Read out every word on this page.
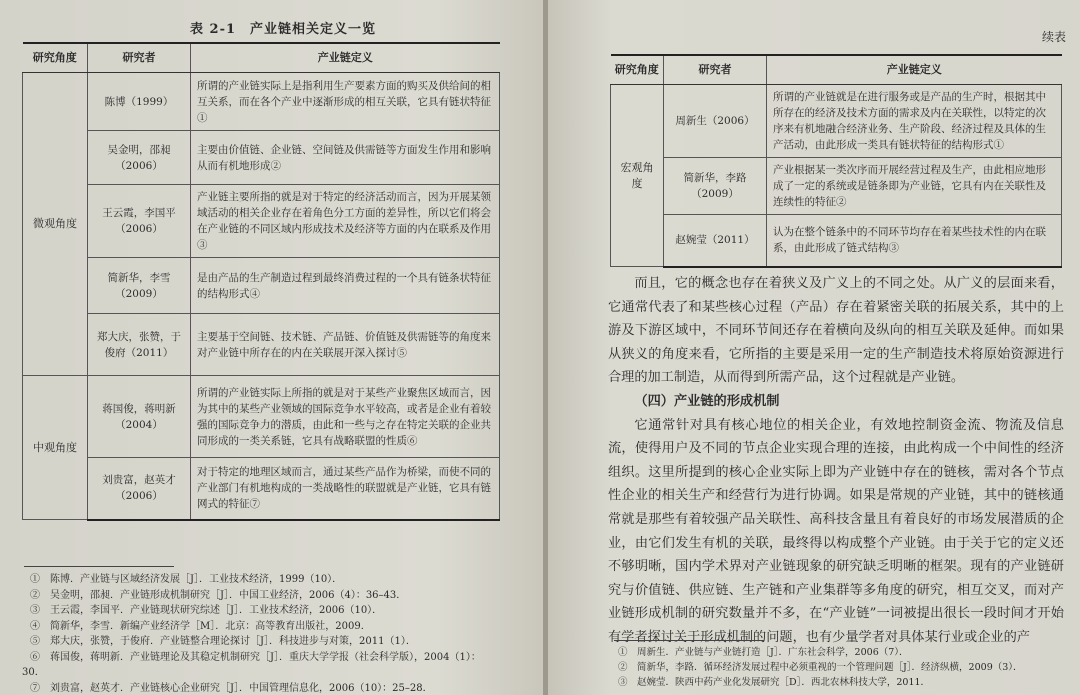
表 2-1　产业链相关定义一览
研究角度	研究者	产业链定义
微观角度	陈博（1999）	所谓的产业链实际上是指利用生产要素方面的购买及供给间的相互关系，而在各个产业中逐渐形成的相互关联，它具有链状特征①
	吴金明，邵昶（2006）	主要由价值链、企业链、空间链及供需链等方面发生作用和影响从而有机地形成②
	王云霞，李国平（2006）	产业链主要所指的就是对于特定的经济活动而言，因为开展某领域活动的相关企业存在着角色分工方面的差异性，所以它们将会在产业链的不同区域内形成技术及经济等方面的内在联系及作用③
	简新华，李雪（2009）	是由产品的生产制造过程到最终消费过程的一个具有链条状特征的结构形式④
	郑大庆，张赞，于俊府（2011）	主要基于空间链、技术链、产品链、价值链及供需链等的角度来对产业链中所存在的内在关联展开深入探讨⑤
中观角度	蒋国俊，蒋明新（2004）	所谓的产业链实际上所指的就是对于某些产业聚焦区域而言，因为其中的某些产业领域的国际竞争水平较高，或者是企业有着较强的国际竞争力的潜质，由此和一些与之存在特定关联的企业共同形成的一类关系链，它具有战略联盟的性质⑥
	刘贵富，赵英才（2006）	对于特定的地理区域而言，通过某些产品作为桥梁，而使不同的产业部门有机地构成的一类战略性的联盟就是产业链，它具有链网式的特征⑦
①　陈博．产业链与区域经济发展［J］．工业技术经济，1999（10）．
②　吴金明，邵昶．产业链形成机制研究［J］．中国工业经济，2006（4）：36–43．
③　王云霞，李国平．产业链现状研究综述［J］．工业技术经济，2006（10）．
④　简新华，李雪．新编产业经济学［M］．北京：高等教育出版社，2009．
⑤　郑大庆，张赞，于俊府．产业链整合理论探讨［J］．科技进步与对策，2011（1）．
⑥　蒋国俊，蒋明新．产业链理论及其稳定机制研究［J］．重庆大学学报（社会科学版），2004（1）：
30．
⑦　刘贵富，赵英才．产业链核心企业研究［J］．中国管理信息化，2006（10）：25–28．
续表
研究角度	研究者	产业链定义
宏观角度	周新生（2006）	所谓的产业链就是在进行服务或是产品的生产时，根据其中所存在的经济及技术方面的需求及内在关联性，以特定的次序来有机地融合经济业务、生产阶段、经济过程及具体的生产活动，由此形成一类具有链状特征的结构形式①
	简新华，李路（2009）	产业根据某一类次序而开展经营过程及生产，由此相应地形成了一定的系统或是链条即为产业链，它具有内在关联性及连续性的特征②
	赵婉莹（2011）	认为在整个链条中的不同环节均存在着某些技术性的内在联系，由此形成了链式结构③

而且，它的概念也存在着狭义及广义上的不同之处。从广义的层面来看，它通常代表了和某些核心过程（产品）存在着紧密关联的拓展关系，其中的上游及下游区域中，不同环节间还存在着横向及纵向的相互关联及延伸。而如果从狭义的角度来看，它所指的主要是采用一定的生产制造技术将原始资源进行合理的加工制造，从而得到所需产品，这个过程就是产业链。

（四）产业链的形成机制

它通常针对具有核心地位的相关企业，有效地控制资金流、物流及信息流，使得用户及不同的节点企业实现合理的连接，由此构成一个中间性的经济组织。这里所提到的核心企业实际上即为产业链中存在的链核，需对各个节点性企业的相关生产和经营行为进行协调。如果是常规的产业链，其中的链核通常就是那些有着较强产品关联性、高科技含量且有着良好的市场发展潜质的企业，由它们发生有机的关联，最终得以构成整个产业链。由于关于它的定义还不够明晰，国内学术界对产业链现象的研究缺乏明晰的框架。现有的产业链研究与价值链、供应链、生产链和产业集群等多角度的研究，相互交叉，而对产业链形成机制的研究数量并不多，在“产业链”一词被提出很长一段时间才开始有学者探讨关于形成机制的问题，也有少量学者对具体某行业或企业的产

①　周新生．产业链与产业链打造［J］．广东社会科学，2006（7）．
②　简新华，李路．循环经济发展过程中必须重视的一个管理问题［J］．经济纵横，2009（3）．
③　赵婉莹．陕西中药产业化发展研究［D］．西北农林科技大学，2011．
